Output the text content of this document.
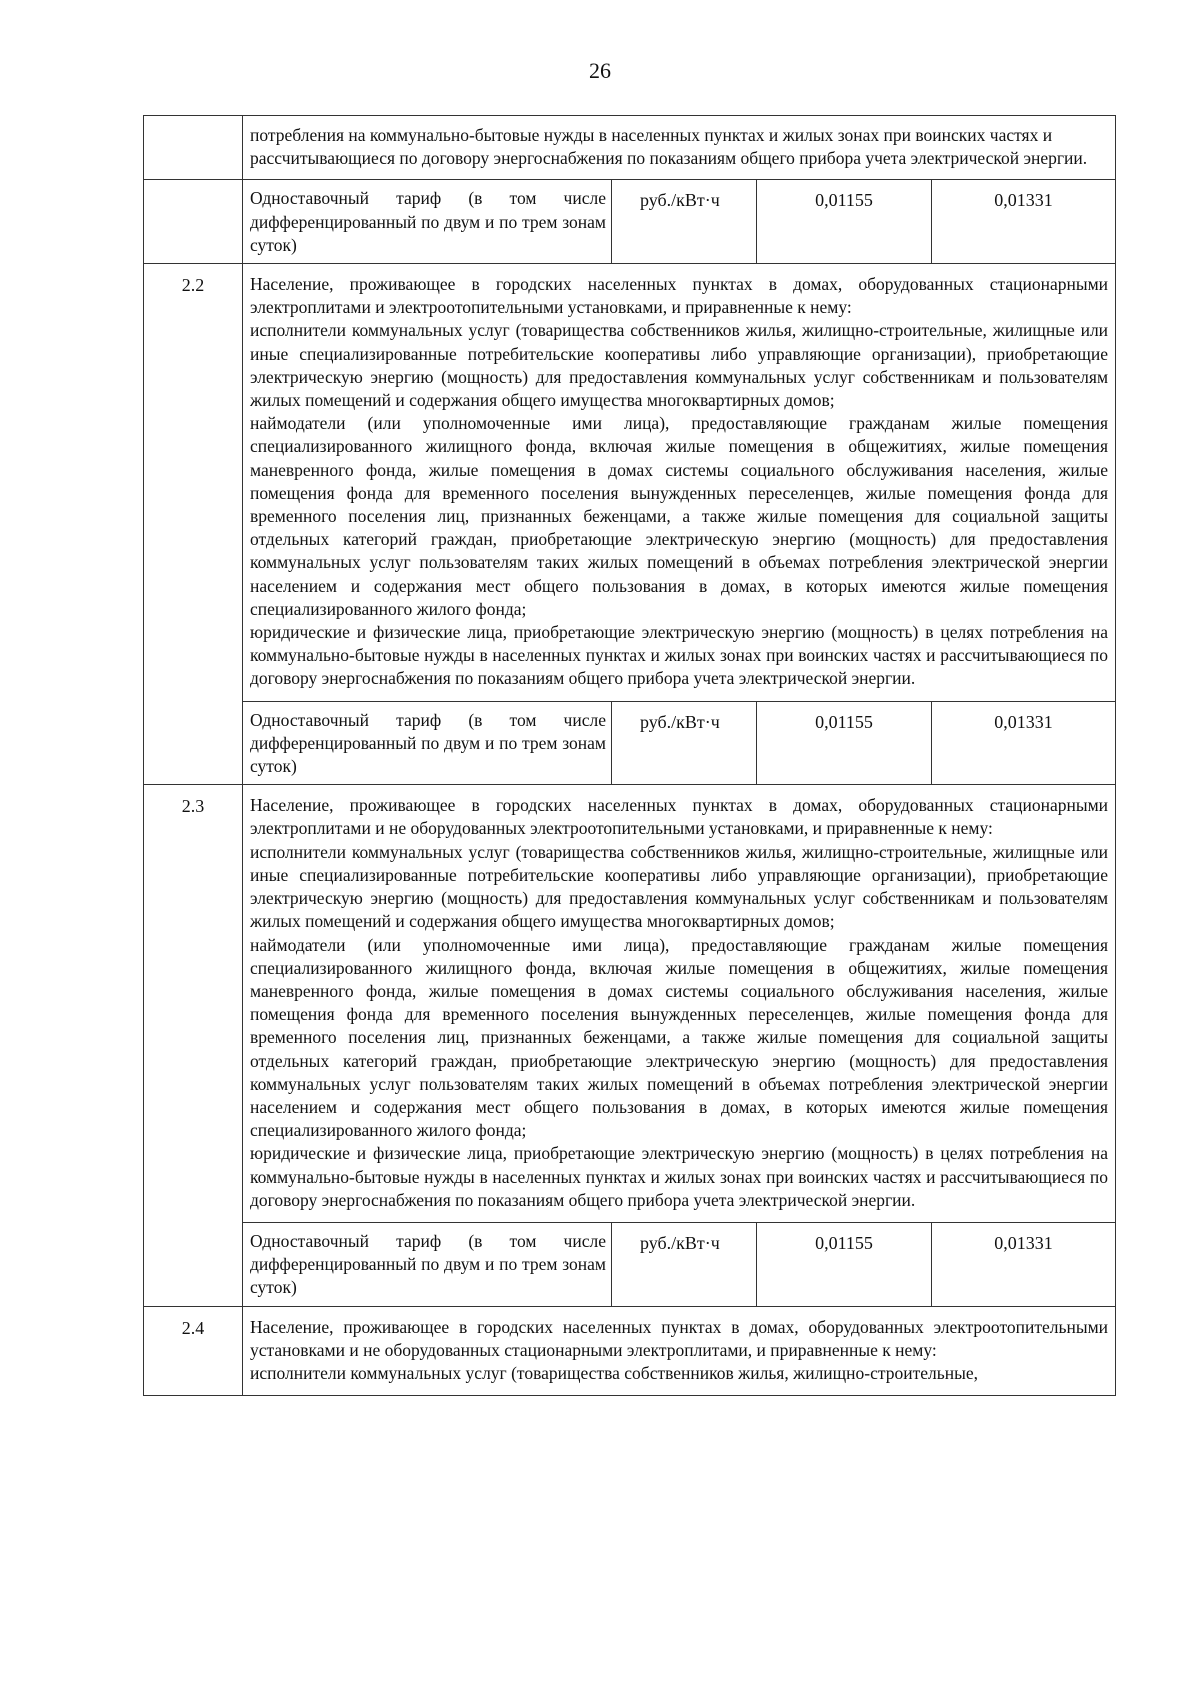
26
	потребления на коммунально-бытовые нужды в населенных пунктах и жилых зонах при воинских частях и рассчитывающиеся по договору энергоснабжения по показаниям общего прибора учета электрической энергии.			
	Одноставочный тариф (в том числе дифференцированный по двум и по трем зонам суток)	руб./кВт·ч	0,01155	0,01331
2.2	Население, проживающее в городских населенных пунктах в домах, оборудованных стационарными электроплитами и электроотопительными установками, и приравненные к нему:
исполнители коммунальных услуг (товарищества собственников жилья, жилищно-строительные, жилищные или иные специализированные потребительские кооперативы либо управляющие организации), приобретающие электрическую энергию (мощность) для предоставления коммунальных услуг собственникам и пользователям жилых помещений и содержания общего имущества многоквартирных домов;
наймодатели (или уполномоченные ими лица), предоставляющие гражданам жилые помещения специализированного жилищного фонда, включая жилые помещения в общежитиях, жилые помещения маневренного фонда, жилые помещения в домах системы социального обслуживания населения, жилые помещения фонда для временного поселения вынужденных переселенцев, жилые помещения фонда для временного поселения лиц, признанных беженцами, а также жилые помещения для социальной защиты отдельных категорий граждан, приобретающие электрическую энергию (мощность) для предоставления коммунальных услуг пользователям таких жилых помещений в объемах потребления электрической энергии населением и содержания мест общего пользования в домах, в которых имеются жилые помещения специализированного жилого фонда;
юридические и физические лица, приобретающие электрическую энергию (мощность) в целях потребления на коммунально-бытовые нужды в населенных пунктах и жилых зонах при воинских частях и рассчитывающиеся по договору энергоснабжения по показаниям общего прибора учета электрической энергии.			

	Одноставочный тариф (в том числе дифференцированный по двум и по трем зонам суток)	руб./кВт·ч	0,01155	0,01331
2.3	Население, проживающее в городских населенных пунктах в домах, оборудованных стационарными электроплитами и не оборудованных электроотопительными установками, и приравненные к нему:
исполнители коммунальных услуг (товарищества собственников жилья, жилищно-строительные, жилищные или иные специализированные потребительские кооперативы либо управляющие организации), приобретающие электрическую энергию (мощность) для предоставления коммунальных услуг собственникам и пользователям жилых помещений и содержания общего имущества многоквартирных домов;
наймодатели (или уполномоченные ими лица), предоставляющие гражданам жилые помещения специализированного жилищного фонда, включая жилые помещения в общежитиях, жилые помещения маневренного фонда, жилые помещения в домах системы социального обслуживания населения, жилые помещения фонда для временного поселения вынужденных переселенцев, жилые помещения фонда для временного поселения лиц, признанных беженцами, а также жилые помещения для социальной защиты отдельных категорий граждан, приобретающие электрическую энергию (мощность) для предоставления коммунальных услуг пользователям таких жилых помещений в объемах потребления электрической энергии населением и содержания мест общего пользования в домах, в которых имеются жилые помещения специализированного жилого фонда;
юридические и физические лица, приобретающие электрическую энергию (мощность) в целях потребления на коммунально-бытовые нужды в населенных пунктах и жилых зонах при воинских частях и рассчитывающиеся по договору энергоснабжения по показаниям общего прибора учета электрической энергии.			

	Одноставочный тариф (в том числе дифференцированный по двум и по трем зонам суток)	руб./кВт·ч	0,01155	0,01331
2.4	Население, проживающее в городских населенных пунктах в домах, оборудованных электроотопительными установками и не оборудованных стационарными электроплитами, и приравненные к нему:
исполнители коммунальных услуг (товарищества собственников жилья, жилищно-строительные,			
